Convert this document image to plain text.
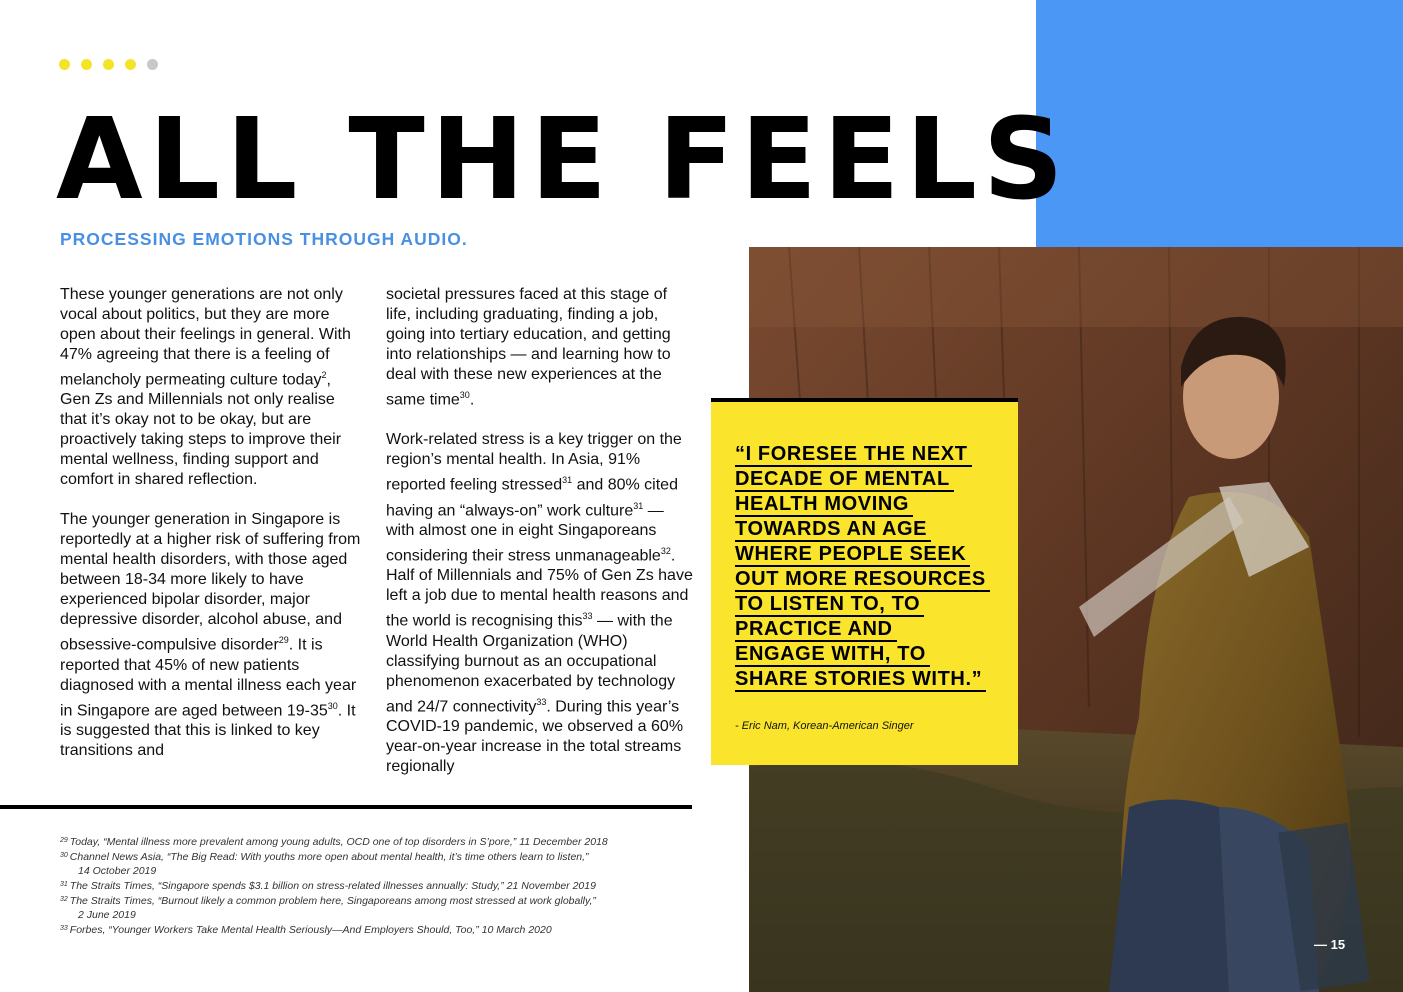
ALL THE FEELS
PROCESSING EMOTIONS THROUGH AUDIO.

These younger generations are not only vocal about politics, but they are more open about their feelings in general. With 47% agreeing that there is a feeling of melancholy permeating culture today$^2$, Gen Zs and Millennials not only realise that it’s okay not to be okay, but are proactively taking steps to improve their mental wellness, finding support and comfort in shared reflection.

The younger generation in Singapore is reportedly at a higher risk of suffering from mental health disorders, with those aged between 18-34 more likely to have experienced bipolar disorder, major depressive disorder, alcohol abuse, and obsessive-compulsive disorder$^{29}$. It is reported that 45% of new patients diagnosed with a mental illness each year in Singapore are aged between $19-35^{30}$. It is suggested that this is linked to key transitions and

societal pressures faced at this stage of life, including graduating, finding a job, going into tertiary education, and getting into relationships — and learning how to deal with these new experiences at the same time$^{30}$.

Work-related stress is a key trigger on the region’s mental health. In Asia, 91% reported feeling stressed$^{31}$ and 80% cited having an “always-on” work culture$^{31}$ — with almost one in eight Singaporeans considering their stress unmanageable$^{32}$. Half of Millennials and 75% of Gen Zs have left a job due to mental health reasons and the world is recognising this$^{33}$ — with the World Health Organization (WHO) classifying burnout as an occupational phenomenon exacerbated by technology and 24/7 connectivity$^{33}$. During this year’s COVID-19 pandemic, we observed a 60% year-on-year increase in the total streams regionally

$^{29}$ Today, “Mental illness more prevalent among young adults, OCD one of top disorders in S’pore,” 11 December 2018
$^{30}$ Channel News Asia, “The Big Read: With youths more open about mental health, it’s time others learn to listen,”
14 October 2019
$^{31}$ The Straits Times, “Singapore spends $3.1 billion on stress-related illnesses annually: Study,” 21 November 2019
$^{32}$ The Straits Times, “Burnout likely a common problem here, Singaporeans among most stressed at work globally,”
2 June 2019
$^{33}$ Forbes, “Younger Workers Take Mental Health Seriously—And Employers Should, Too,” 10 March 2020
“I FORESEE THE NEXT
DECADE OF MENTAL
HEALTH MOVING
TOWARDS AN AGE
WHERE PEOPLE SEEK
OUT MORE RESOURCES
TO LISTEN TO, TO
PRACTICE AND
ENGAGE WITH, TO
SHARE STORIES WITH.”

- Eric Nam, Korean-American Singer
— 15
